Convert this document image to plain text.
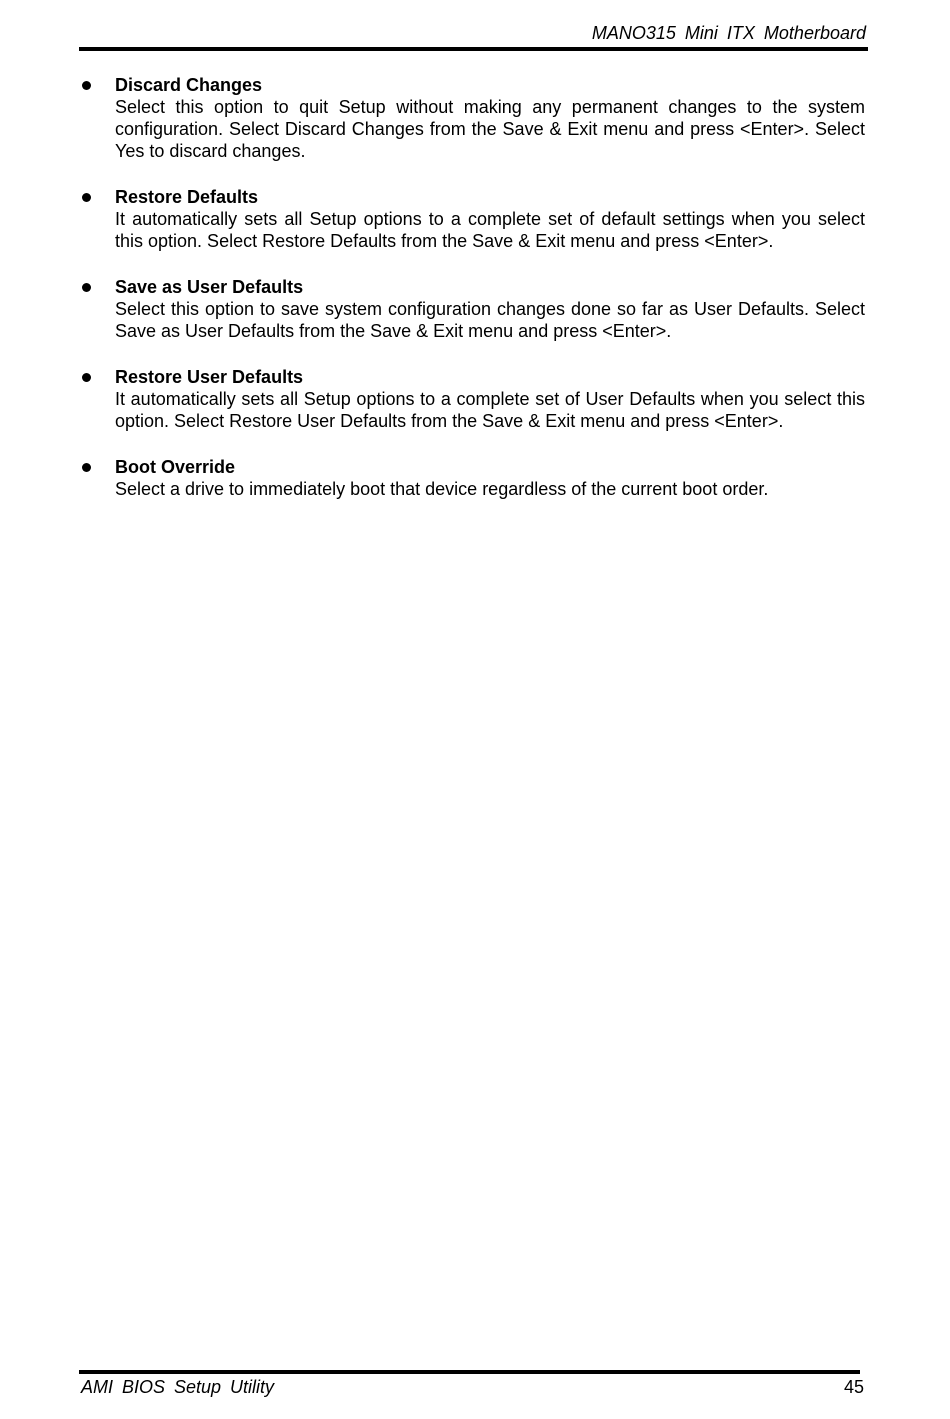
MANO315 Mini ITX Motherboard
Discard Changes
Select this option to quit Setup without making any permanent changes to the system configuration. Select Discard Changes from the Save & Exit menu and press <Enter>. Select Yes to discard changes.
Restore Defaults
It automatically sets all Setup options to a complete set of default settings when you select this option. Select Restore Defaults from the Save & Exit menu and press <Enter>.
Save as User Defaults
Select this option to save system configuration changes done so far as User Defaults. Select Save as User Defaults from the Save & Exit menu and press <Enter>.
Restore User Defaults
It automatically sets all Setup options to a complete set of User Defaults when you select this option. Select Restore User Defaults from the Save & Exit menu and press <Enter>.
Boot Override
Select a drive to immediately boot that device regardless of the current boot order.
AMI BIOS Setup Utility	45
